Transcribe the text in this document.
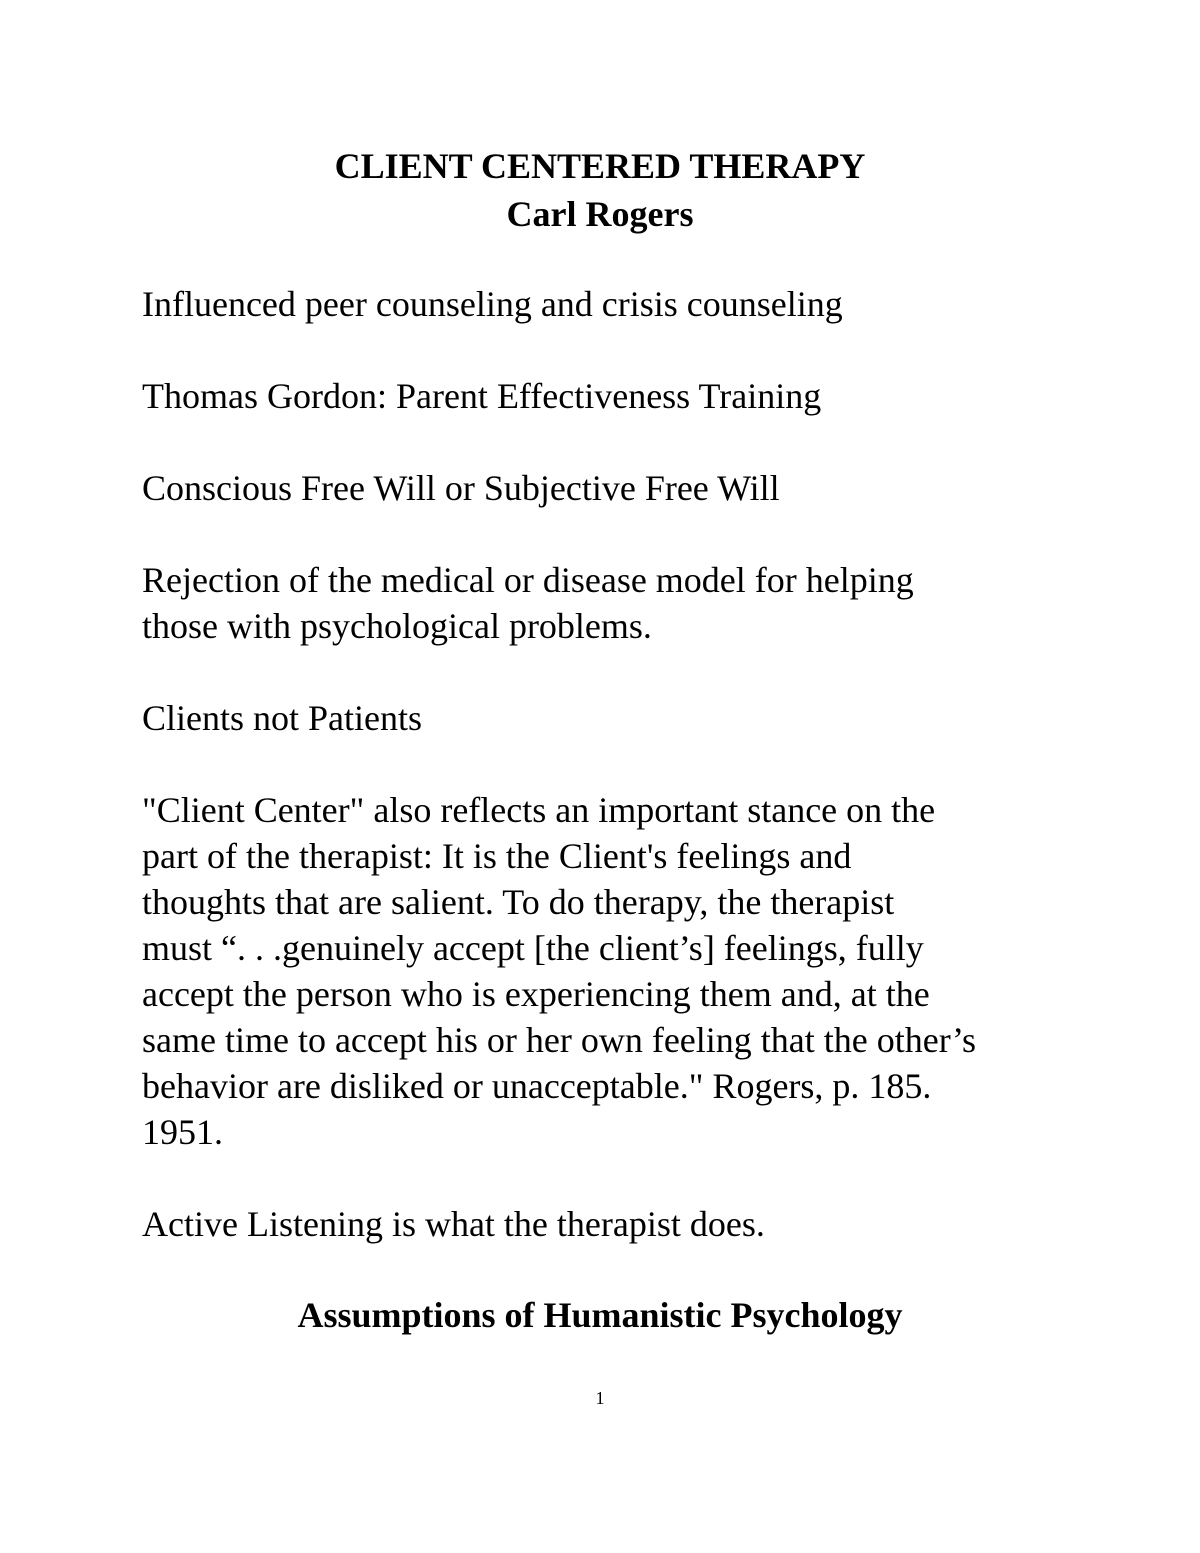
CLIENT CENTERED THERAPY
Carl Rogers
Influenced peer counseling and crisis counseling
Thomas Gordon: Parent Effectiveness Training
Conscious Free Will or Subjective Free Will
Rejection of the medical or disease model for helping
those with psychological problems.
Clients not Patients
"Client Center" also reflects an important stance on the
part of the therapist: It is the Client's feelings and
thoughts that are salient. To do therapy, the therapist
must “. . .genuinely accept [the client’s] feelings, fully
accept the person who is experiencing them and, at the
same time to accept his or her own feeling that the other’s
behavior are disliked or unacceptable." Rogers, p. 185.
1951.
Active Listening is what the therapist does.
Assumptions of Humanistic Psychology
1
